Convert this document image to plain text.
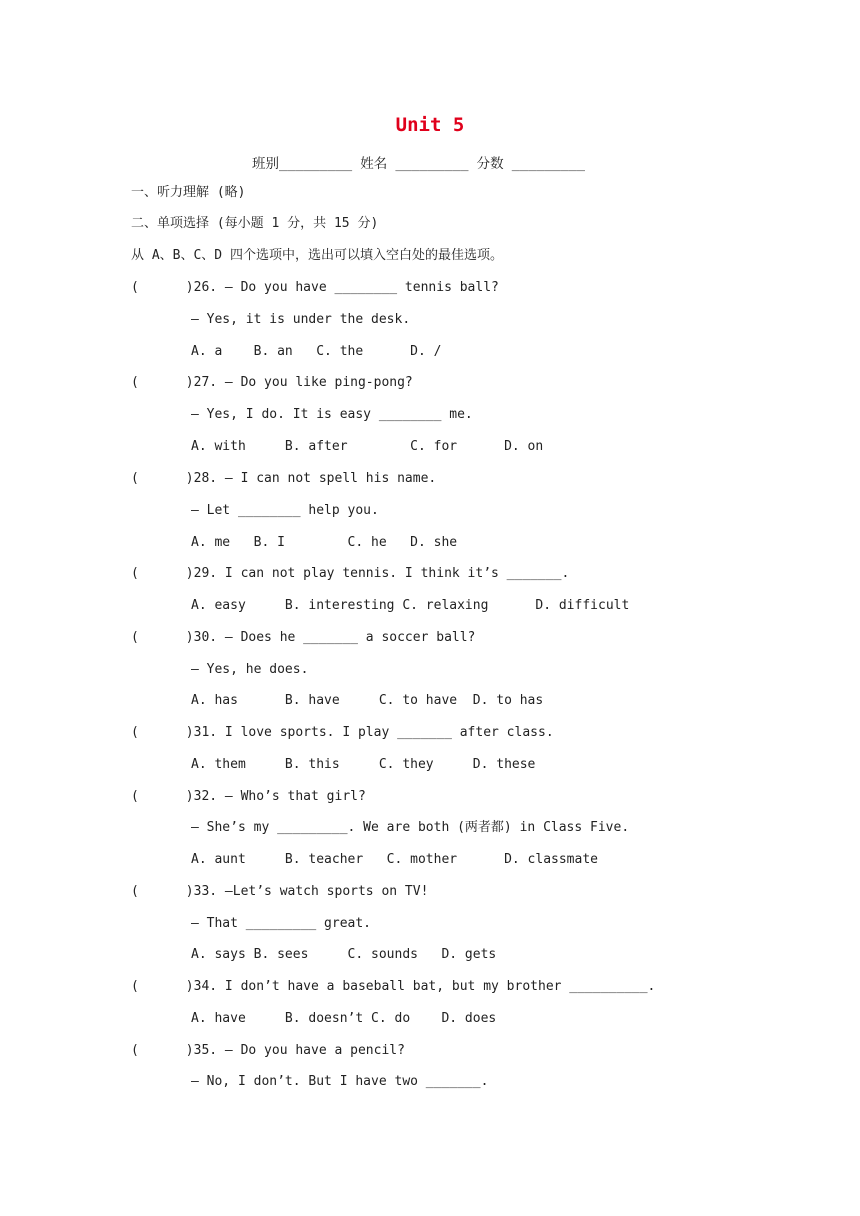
Unit 5
班别_________ 姓名 _________ 分数 _________
一、听力理解 (略)
二、单项选择 (每小题 1 分，共 15 分)
从 A、B、C、D 四个选项中，选出可以填入空白处的最佳选项。
(      )26. — Do you have ________ tennis ball?
— Yes, it is under the desk.
A. a    B. an   C. the      D. /
(      )27. — Do you like ping-pong?
— Yes, I do. It is easy ________ me.
A. with     B. after        C. for      D. on
(      )28. — I can not spell his name.
— Let ________ help you.
A. me   B. I        C. he   D. she
(      )29. I can not play tennis. I think it’s _______.
A. easy     B. interesting C. relaxing      D. difficult
(      )30. — Does he _______ a soccer ball?
— Yes, he does.
A. has      B. have     C. to have  D. to has
(      )31. I love sports. I play _______ after class.
A. them     B. this     C. they     D. these
(      )32. — Who’s that girl?
— She’s my _________. We are both (两者都) in Class Five.
A. aunt     B. teacher   C. mother      D. classmate
(      )33. —Let’s watch sports on TV!
— That _________ great.
A. says B. sees     C. sounds   D. gets
(      )34. I don’t have a baseball bat, but my brother __________.
A. have     B. doesn’t C. do    D. does
(      )35. — Do you have a pencil?
— No, I don’t. But I have two _______.
